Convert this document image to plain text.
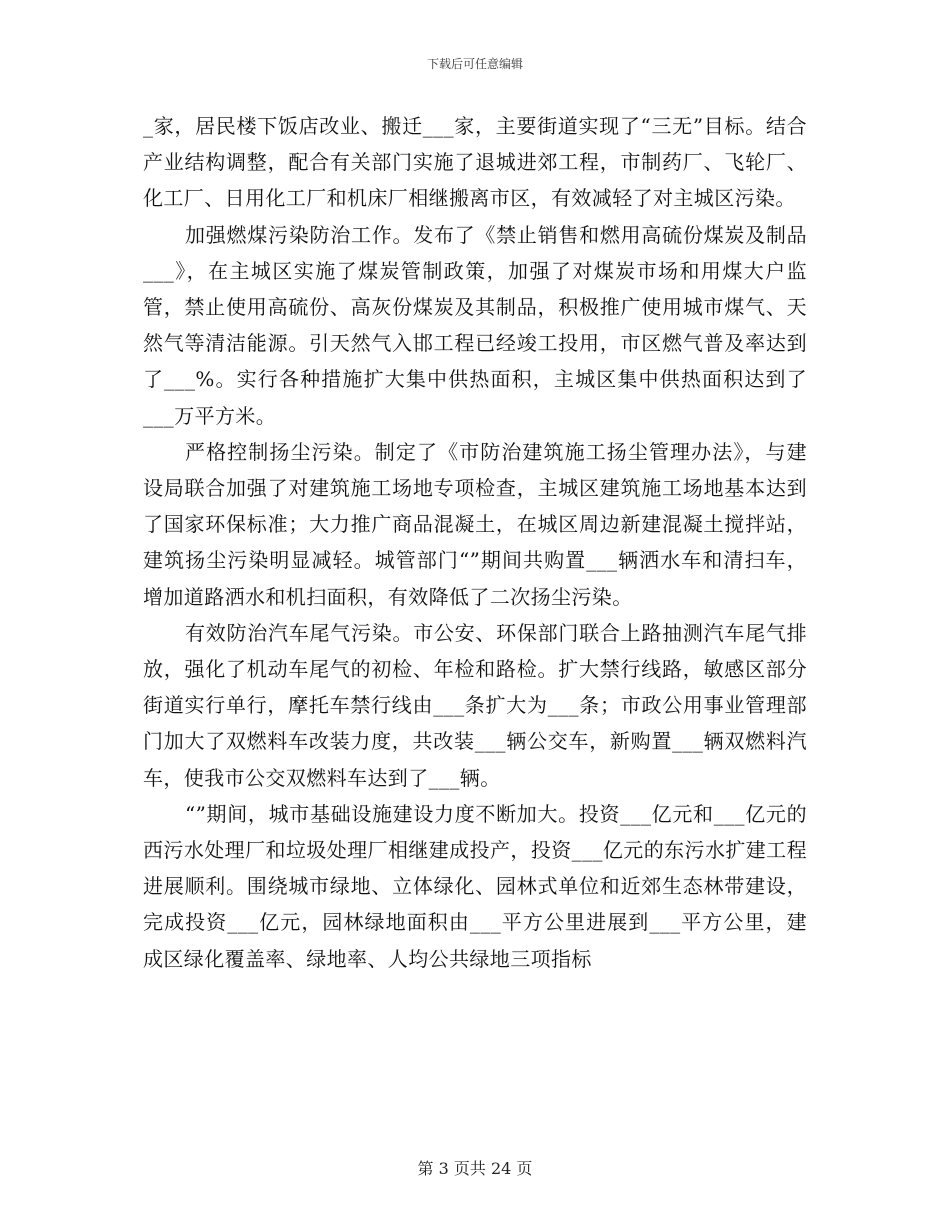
下载后可任意编辑

_家，居民楼下饭店改业、搬迁___家，主要街道实现了“三无”目标。结合产业结构调整，配合有关部门实施了退城进郊工程，市制药厂、飞轮厂、化工厂、日用化工厂和机床厂相继搬离市区，有效减轻了对主城区污染。

加强燃煤污染防治工作。发布了《禁止销售和燃用高硫份煤炭及制品___》，在主城区实施了煤炭管制政策，加强了对煤炭市场和用煤大户监管，禁止使用高硫份、高灰份煤炭及其制品，积极推广使用城市煤气、天然气等清洁能源。引天然气入邯工程已经竣工投用，市区燃气普及率达到了___%。实行各种措施扩大集中供热面积，主城区集中供热面积达到了___万平方米。

严格控制扬尘污染。制定了《市防治建筑施工扬尘管理办法》，与建设局联合加强了对建筑施工场地专项检查，主城区建筑施工场地基本达到了国家环保标准；大力推广商品混凝土，在城区周边新建混凝土搅拌站，建筑扬尘污染明显减轻。城管部门“”期间共购置___辆洒水车和清扫车，增加道路洒水和机扫面积，有效降低了二次扬尘污染。

有效防治汽车尾气污染。市公安、环保部门联合上路抽测汽车尾气排放，强化了机动车尾气的初检、年检和路检。扩大禁行线路，敏感区部分街道实行单行，摩托车禁行线由___条扩大为___条；市政公用事业管理部门加大了双燃料车改装力度，共改装___辆公交车，新购置___辆双燃料汽车，使我市公交双燃料车达到了___辆。

“”期间，城市基础设施建设力度不断加大。投资___亿元和___亿元的西污水处理厂和垃圾处理厂相继建成投产，投资___亿元的东污水扩建工程进展顺利。围绕城市绿地、立体绿化、园林式单位和近郊生态林带建设，完成投资___亿元，园林绿地面积由___平方公里进展到___平方公里，建成区绿化覆盖率、绿地率、人均公共绿地三项指标

第 3 页共 24 页
